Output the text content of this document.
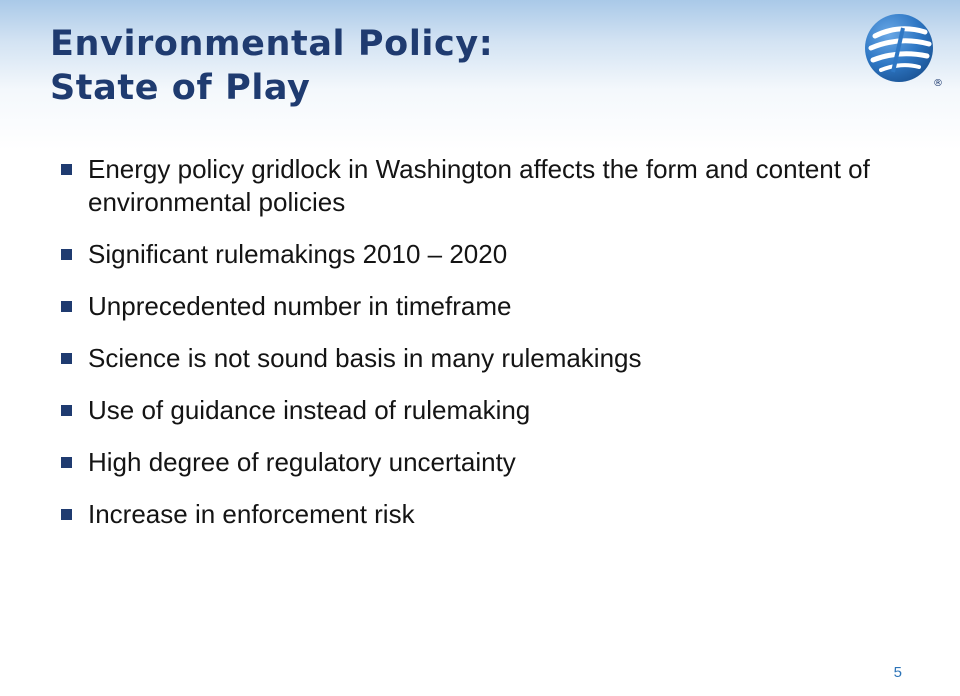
Environmental Policy:
State of Play	®
Energy policy gridlock in Washington affects the form and content of environmental policies
Significant rulemakings 2010 – 2020
Unprecedented number in timeframe
Science is not sound basis in many rulemakings
Use of guidance instead of rulemaking
High degree of regulatory uncertainty
Increase in enforcement risk
5
